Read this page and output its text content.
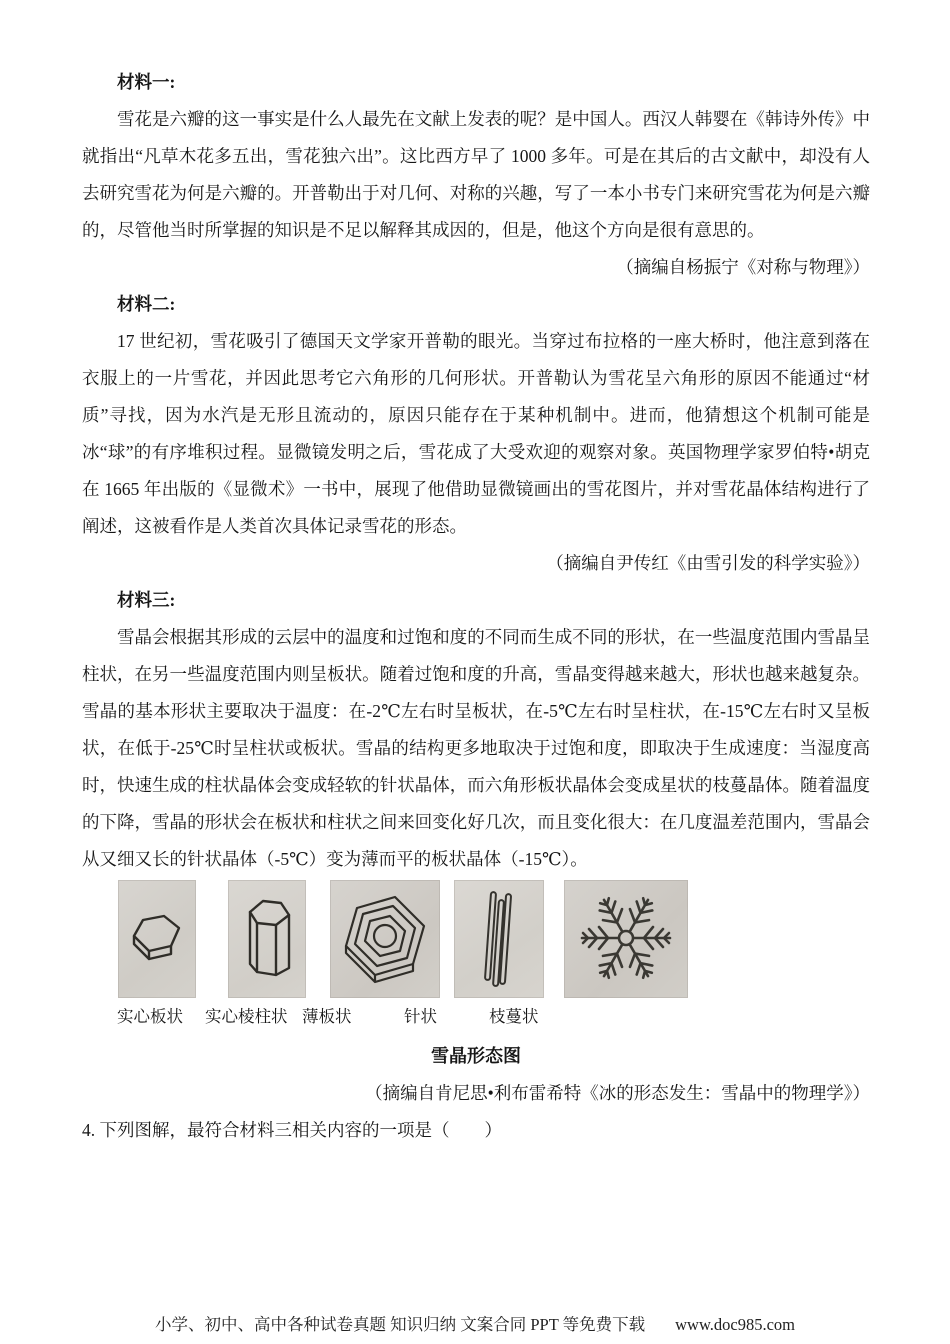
材料一:

雪花是六瓣的这一事实是什么人最先在文献上发表的呢？是中国人。西汉人韩婴在《韩诗外传》中就指出“凡草木花多五出，雪花独六出”。这比西方早了 1000 多年。可是在其后的古文献中，却没有人去研究雪花为何是六瓣的。开普勒出于对几何、对称的兴趣，写了一本小书专门来研究雪花为何是六瓣的，尽管他当时所掌握的知识是不足以解释其成因的，但是，他这个方向是很有意思的。

（摘编自杨振宁《对称与物理》）
材料二:

17 世纪初，雪花吸引了德国天文学家开普勒的眼光。当穿过布拉格的一座大桥时，他注意到落在衣服上的一片雪花，并因此思考它六角形的几何形状。开普勒认为雪花呈六角形的原因不能通过“材质”寻找，因为水汽是无形且流动的，原因只能存在于某种机制中。进而，他猜想这个机制可能是冰“球”的有序堆积过程。显微镜发明之后，雪花成了大受欢迎的观察对象。英国物理学家罗伯特•胡克在 1665 年出版的《显微术》一书中，展现了他借助显微镜画出的雪花图片，并对雪花晶体结构进行了阐述，这被看作是人类首次具体记录雪花的形态。

（摘编自尹传红《由雪引发的科学实验》）
材料三:

雪晶会根据其形成的云层中的温度和过饱和度的不同而生成不同的形状，在一些温度范围内雪晶呈柱状，在另一些温度范围内则呈板状。随着过饱和度的升高，雪晶变得越来越大，形状也越来越复杂。雪晶的基本形状主要取决于温度：在-2℃左右时呈板状，在-5℃左右时呈柱状，在-15℃左右时又呈板状，在低于-25℃时呈柱状或板状。雪晶的结构更多地取决于过饱和度，即取决于生成速度：当湿度高时，快速生成的柱状晶体会变成轻软的针状晶体，而六角形板状晶体会变成星状的枝蔓晶体。随着温度的下降，雪晶的形状会在板状和柱状之间来回变化好几次，而且变化很大：在几度温差范围内，雪晶会从又细又长的针状晶体（-5℃）变为薄而平的板状晶体（-15℃）。

实心板状 实心棱柱状 薄板状	针状	枝蔓状
雪晶形态图
（摘编自肯尼思•利布雷希特《冰的形态发生：雪晶中的物理学》）

4. 下列图解，最符合材料三相关内容的一项是（　　）

小学、初中、高中各种试卷真题 知识归纳 文案合同 PPT 等免费下载 www.doc985.com
